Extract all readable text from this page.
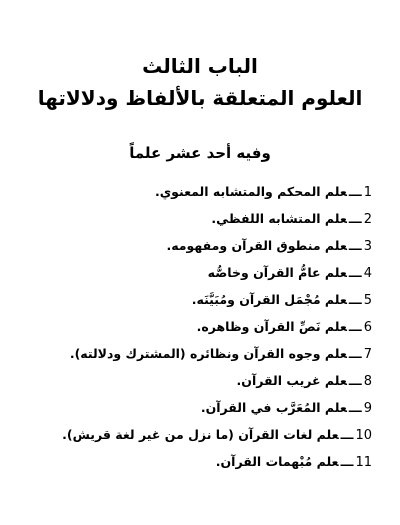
الباب الثالث
العلوم المتعلقة بالألفاظ ودلالاتها

وفيه أحد عشر علماً

1ـــعلم المحكم والمتشابه المعنوي.
2ـــعلم المتشابه اللفظي.
3ـــعلم منطوق القرآن ومفهومه.
4ـــعلم عامُّ القرآن وخاصُّه
5ـــعلم مُجْمَل القرآن ومُبَيَّنَه.
6ـــعلم نَصِّ القرآن وظاهره.
7ـــعلم وجوه القرآن ونظائره (المشترك ودلالته).
8ـــعلم غريب القرآن.
9ـــعلم المُعَرَّب في القرآن.
10ـــعلم لغات القرآن (ما نزل من غير لغة قريش).
11ـــعلم مُبْهمات القرآن.
